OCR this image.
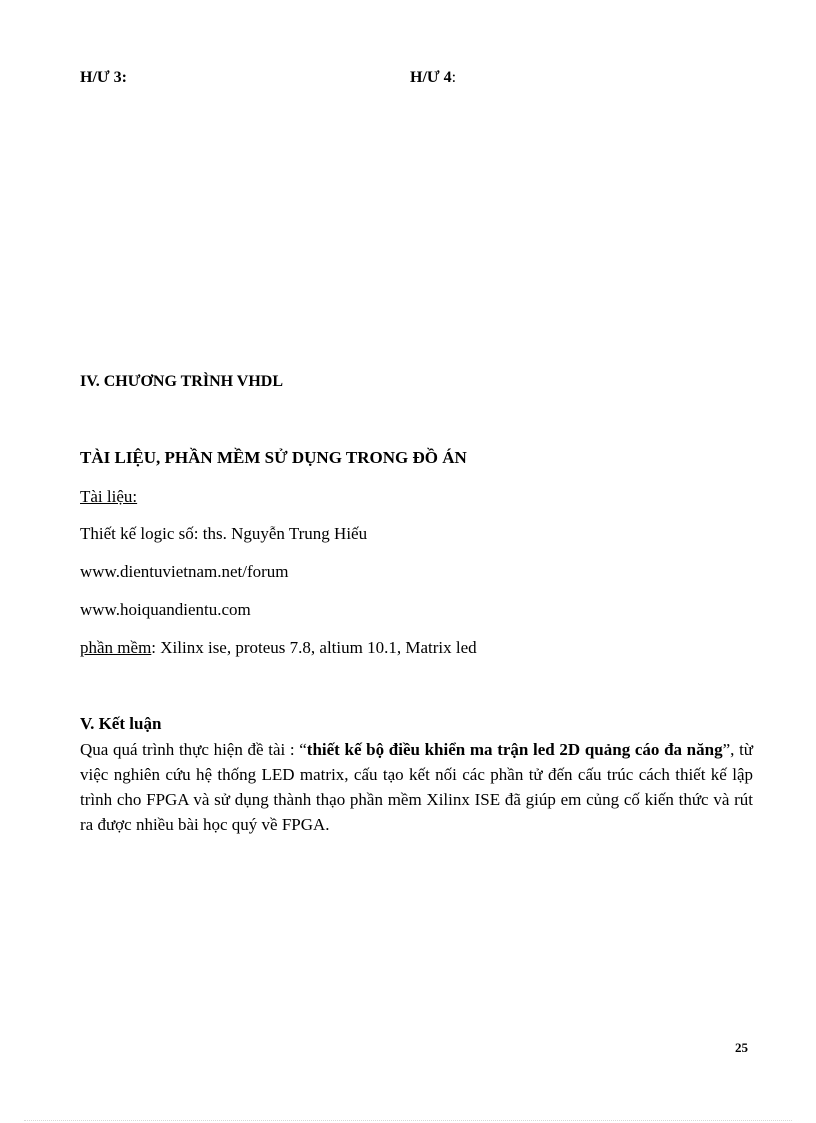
H/Ư 3:	H/Ư 4:
IV. CHƯƠNG TRÌNH VHDL
TÀI LIỆU, PHẦN MỀM SỬ DỤNG TRONG ĐỒ ÁN
Tài liệu:
Thiết kế logic số: ths. Nguyễn Trung Hiếu
www.dientuvietnam.net/forum
www.hoiquandientu.com
phần mềm: Xilinx ise, proteus 7.8, altium 10.1, Matrix led
V. Kết luận
Qua quá trình thực hiện đề tài : “thiết kế bộ điều khiển ma trận led 2D quảng cáo đa năng”, từ việc nghiên cứu hệ thống LED matrix, cấu tạo kết nối các phần tử đến cấu trúc cách thiết kế lập trình cho FPGA và sử dụng thành thạo phần mềm Xilinx ISE đã giúp em củng cố kiến thức và rút ra được nhiều bài học quý về FPGA.
25
